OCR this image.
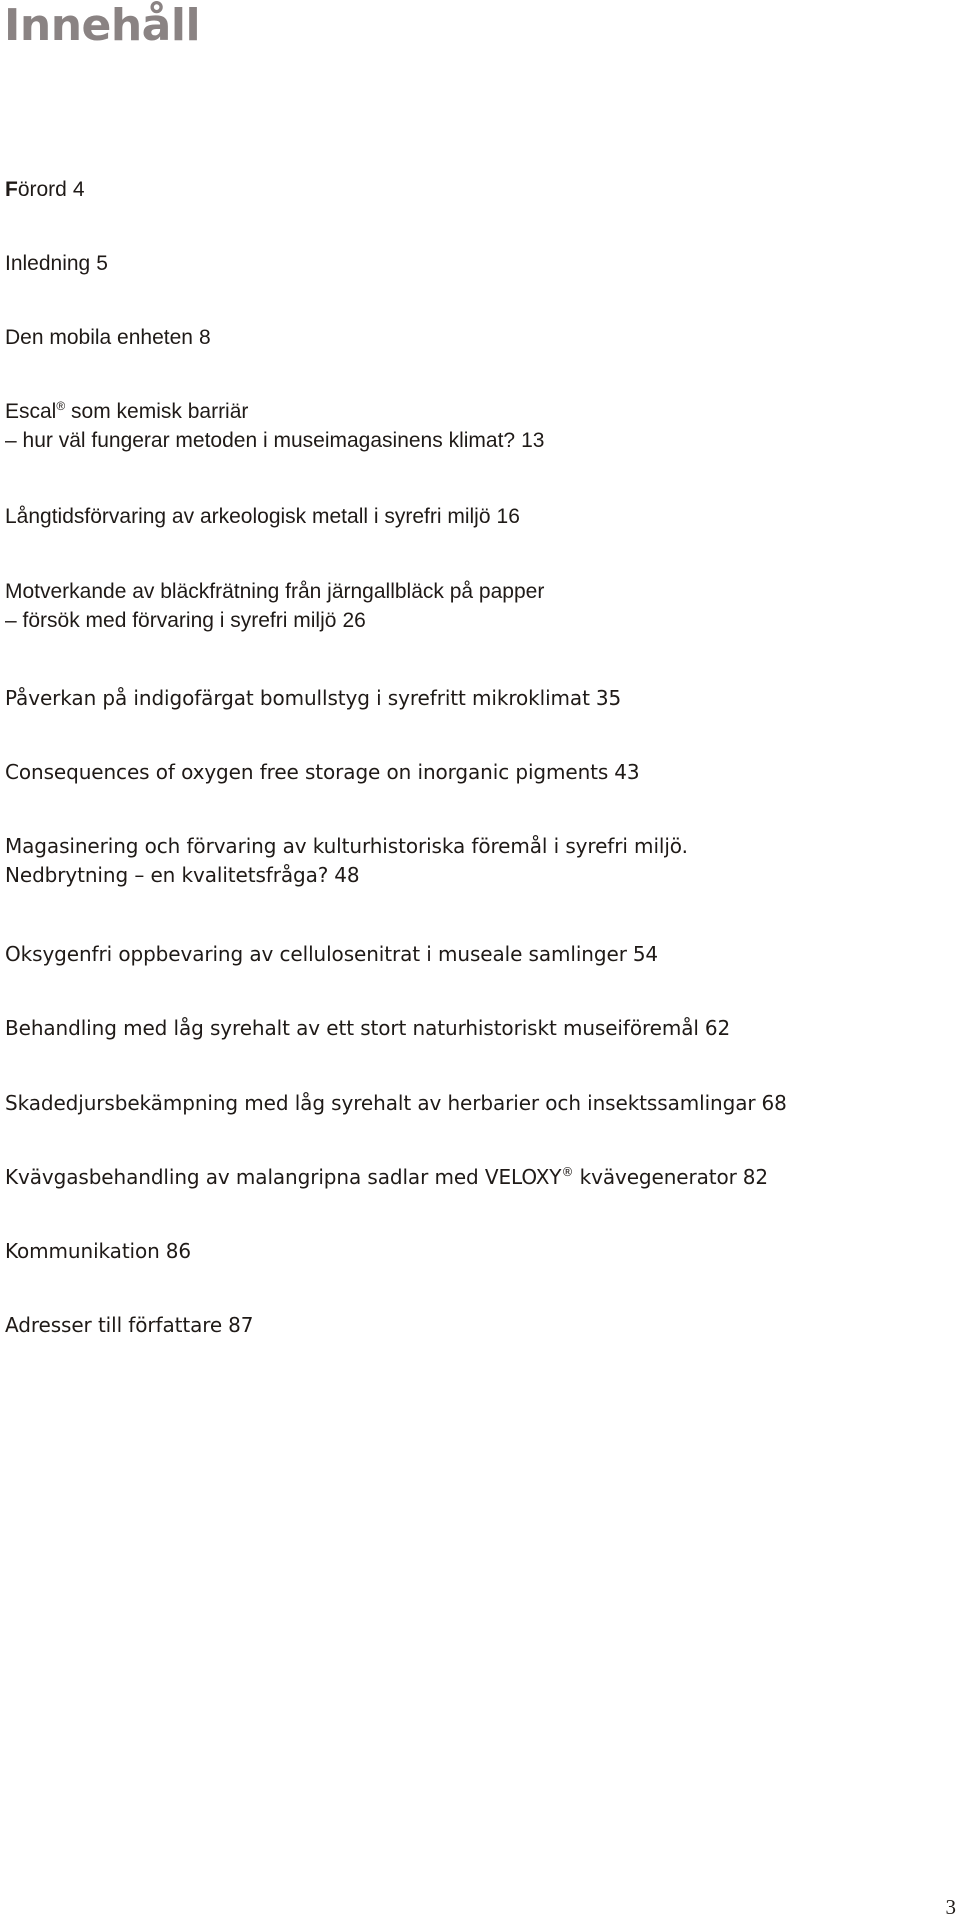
Innehåll
Förord 4
Inledning 5
Den mobila enheten 8
Escal® som kemisk barriär
– hur väl fungerar metoden i museimagasinens klimat? 13
Långtidsförvaring av arkeologisk metall i syrefri miljö 16
Motverkande av bläckfrätning från järngallbläck på papper
– försök med förvaring i syrefri miljö 26
Påverkan på indigofärgat bomullstyg i syrefritt mikroklimat 35
Consequences of oxygen free storage on inorganic pigments 43
Magasinering och förvaring av kulturhistoriska föremål i syrefri miljö.
Nedbrytning – en kvalitetsfråga? 48
Oksygenfri oppbevaring av cellulosenitrat i museale samlinger 54
Behandling med låg syrehalt av ett stort naturhistoriskt museiföremål 62
Skadedjursbekämpning med låg syrehalt av herbarier och insektssamlingar 68
Kvävgasbehandling av malangripna sadlar med VELOXY® kvävegenerator 82
Kommunikation 86
Adresser till författare 87

3
